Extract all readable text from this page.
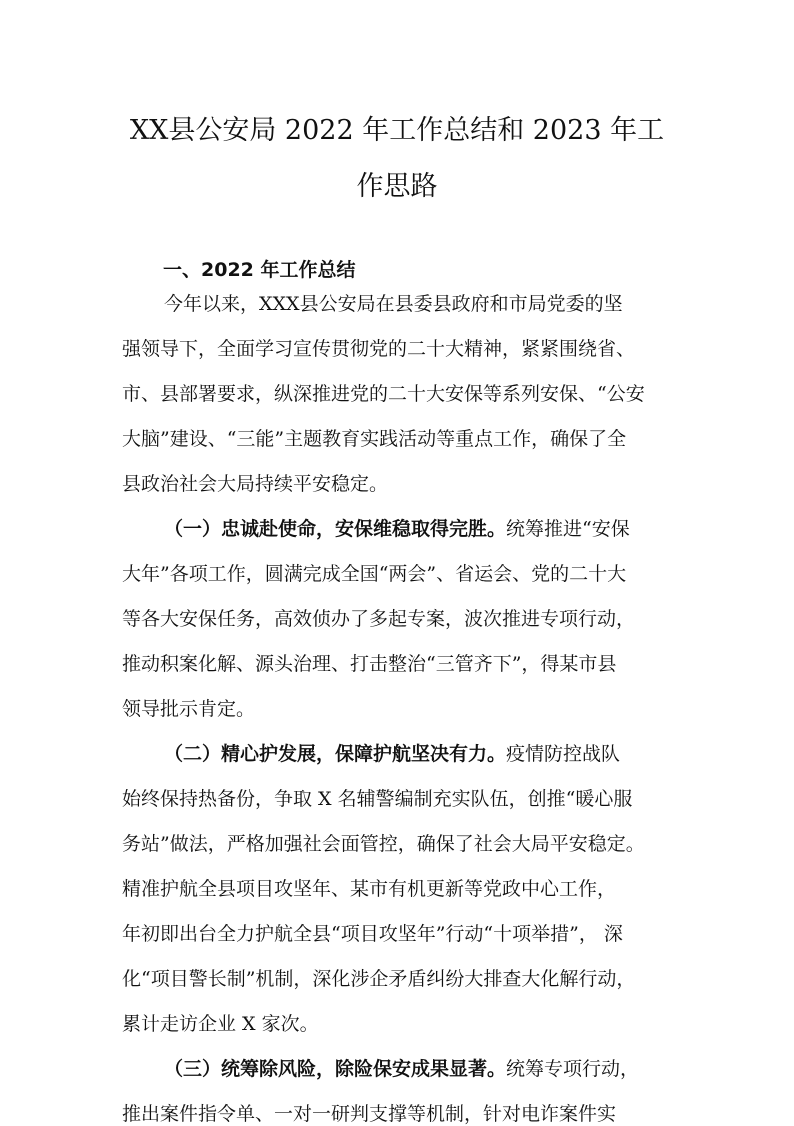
XX县公安局 2022 年工作总结和 2023 年工
作思路
一、2022 年工作总结
今年以来，XXX县公安局在县委县政府和市局党委的坚
强领导下，全面学习宣传贯彻党的二十大精神，紧紧围绕省、
市、县部署要求，纵深推进党的二十大安保等系列安保、“公安
大脑”建设、“三能”主题教育实践活动等重点工作，确保了全
县政治社会大局持续平安稳定。
（一）忠诚赴使命，安保维稳取得完胜。统筹推进“安保
大年”各项工作，圆满完成全国“两会”、省运会、党的二十大
等各大安保任务，高效侦办了多起专案，波次推进专项行动，
推动积案化解、源头治理、打击整治“三管齐下”，得某市县
领导批示肯定。
（二）精心护发展，保障护航坚决有力。疫情防控战队
始终保持热备份，争取 X 名辅警编制充实队伍，创推“暖心服
务站”做法，严格加强社会面管控，确保了社会大局平安稳定。
精准护航全县项目攻坚年、某市有机更新等党政中心工作，
年初即出台全力护航全县“项目攻坚年”行动“十项举措”， 深
化“项目警长制”机制，深化涉企矛盾纠纷大排查大化解行动，
累计走访企业 X 家次。
（三）统筹除风险，除险保安成果显著。统筹专项行动，
推出案件指令单、一对一研判支撑等机制，针对电诈案件实
